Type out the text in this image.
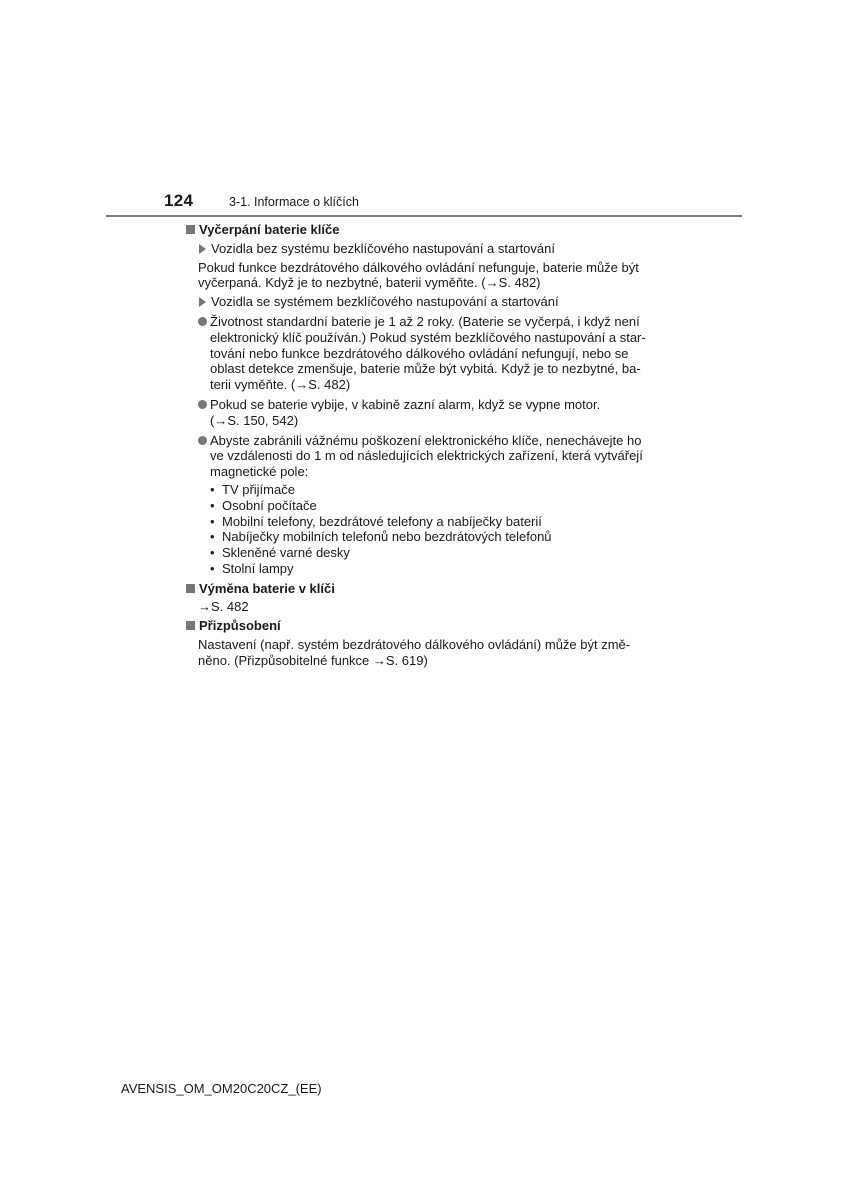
124	3-1. Informace o klíčích
Vyčerpání baterie klíče
Vozidla bez systému bezklíčového nastupování a startování
Pokud funkce bezdrátového dálkového ovládání nefunguje, baterie může být
vyčerpaná. Když je to nezbytné, baterii vyměňte. (→S. 482)
Vozidla se systémem bezklíčového nastupování a startování
Životnost standardní baterie je 1 až 2 roky. (Baterie se vyčerpá, i když není
elektronický klíč používán.) Pokud systém bezklíčového nastupování a star-
tování nebo funkce bezdrátového dálkového ovládání nefungují, nebo se
oblast detekce zmenšuje, baterie může být vybitá. Když je to nezbytné, ba-
terii vyměňte. (→S. 482)
Pokud se baterie vybije, v kabině zazní alarm, když se vypne motor.
(→S. 150, 542)
Abyste zabránili vážnému poškození elektronického klíče, nenechávejte ho
ve vzdálenosti do 1 m od následujících elektrických zařízení, která vytvářejí
magnetické pole:
• TV přijímače
• Osobní počítače
• Mobilní telefony, bezdrátové telefony a nabíječky baterií
• Nabíječky mobilních telefonů nebo bezdrátových telefonů
• Skleněné varné desky
• Stolní lampy
Výměna baterie v klíči
→S. 482
Přizpůsobení
Nastavení (např. systém bezdrátového dálkového ovládání) může být změ-
něno. (Přizpůsobitelné funkce →S. 619)
AVENSIS_OM_OM20C20CZ_(EE)
